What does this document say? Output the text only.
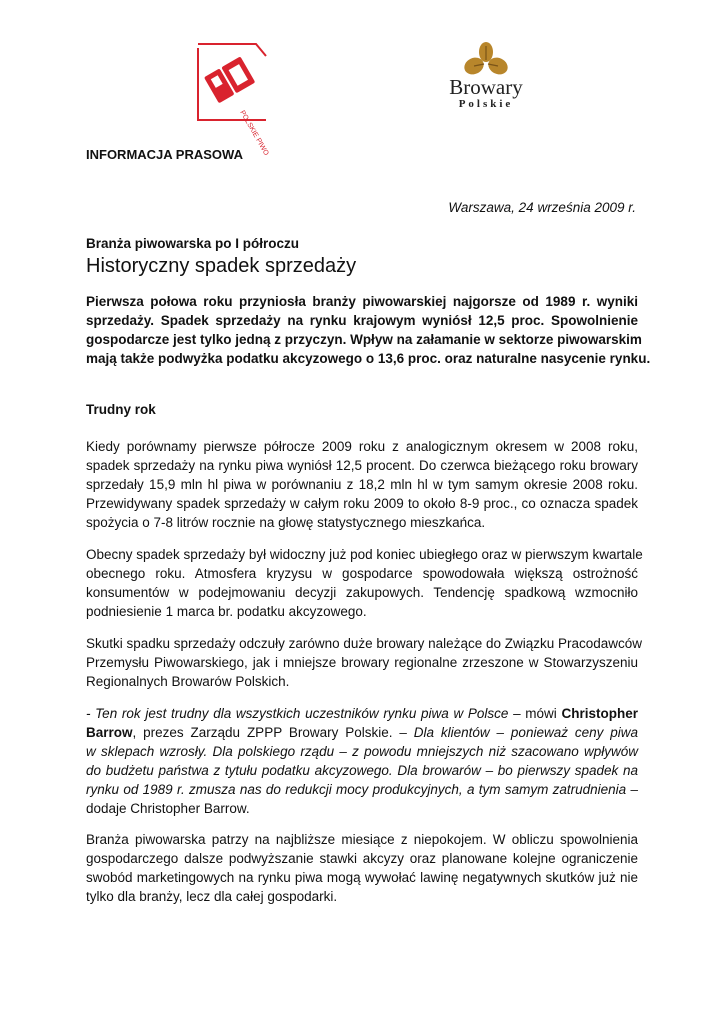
POLSKIE PIWO
Browary
Polskie
INFORMACJA PRASOWA
Warszawa, 24 września 2009 r.
Branża piwowarska po I półroczu
Historyczny spadek sprzedaży
Pierwsza połowa roku przyniosła branży piwowarskiej najgorsze od 1989 r. wyniki
sprzedaży. Spadek sprzedaży na rynku krajowym wyniósł 12,5 proc. Spowolnienie
gospodarcze jest tylko jedną z przyczyn. Wpływ na załamanie w sektorze piwowarskim
mają także podwyżka podatku akcyzowego o 13,6 proc. oraz naturalne nasycenie rynku.
Trudny rok
Kiedy porównamy pierwsze półrocze 2009 roku z analogicznym okresem w 2008 roku,
spadek sprzedaży na rynku piwa wyniósł 12,5 procent. Do czerwca bieżącego roku browary
sprzedały 15,9 mln hl piwa w porównaniu z 18,2 mln hl w tym samym okresie 2008 roku.
Przewidywany spadek sprzedaży w całym roku 2009 to około 8-9 proc., co oznacza spadek
spożycia o 7-8 litrów rocznie na głowę statystycznego mieszkańca.
Obecny spadek sprzedaży był widoczny już pod koniec ubiegłego oraz w pierwszym kwartale
obecnego roku. Atmosfera kryzysu w gospodarce spowodowała większą ostrożność
konsumentów w podejmowaniu decyzji zakupowych. Tendencję spadkową wzmocniło
podniesienie 1 marca br. podatku akcyzowego.
Skutki spadku sprzedaży odczuły zarówno duże browary należące do Związku Pracodawców
Przemysłu Piwowarskiego, jak i mniejsze browary regionalne zrzeszone w Stowarzyszeniu
Regionalnych Browarów Polskich.
- Ten rok jest trudny dla wszystkich uczestników rynku piwa w Polsce – mówi Christopher
Barrow, prezes Zarządu ZPPP Browary Polskie. – Dla klientów – ponieważ ceny piwa
w sklepach wzrosły. Dla polskiego rządu – z powodu mniejszych niż szacowano wpływów
do budżetu państwa z tytułu podatku akcyzowego. Dla browarów – bo pierwszy spadek na
rynku od 1989 r. zmusza nas do redukcji mocy produkcyjnych, a tym samym zatrudnienia –
dodaje Christopher Barrow.
Branża piwowarska patrzy na najbliższe miesiące z niepokojem. W obliczu spowolnienia
gospodarczego dalsze podwyższanie stawki akcyzy oraz planowane kolejne ograniczenie
swobód marketingowych na rynku piwa mogą wywołać lawinę negatywnych skutków już nie
tylko dla branży, lecz dla całej gospodarki.
